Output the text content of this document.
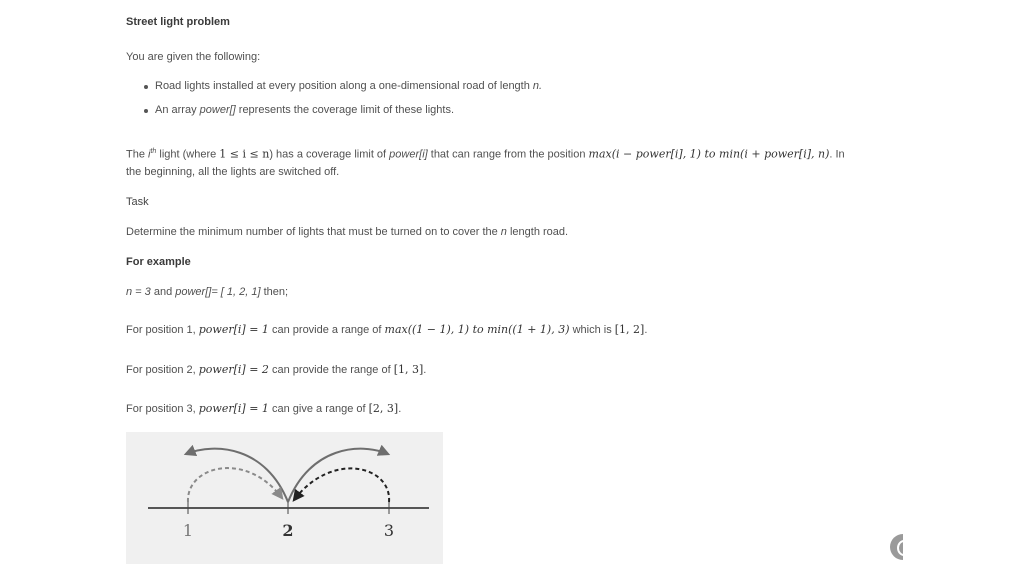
Street light problem
You are given the following:
Road lights installed at every position along a one-dimensional road of length n.
An array power[] represents the coverage limit of these lights.
The $i^{th}$ light (where 1 ≤ i ≤ n) has a coverage limit of power[i] that can range from the position max(i − power[i], 1) to min(i + power[i], n). In
the beginning, all the lights are switched off.
Task
Determine the minimum number of lights that must be turned on to cover the n length road.
For example
n = 3 and power[]= [ 1, 2, 1] then;
For position 1, power[i] = 1 can provide a range of max((1 − 1), 1) to min((1 + 1), 3) which is [1, 2].
For position 2, power[i] = 2 can provide the range of [1, 3].
For position 3, power[i] = 1 can give a range of [2, 3].
1	2	3
